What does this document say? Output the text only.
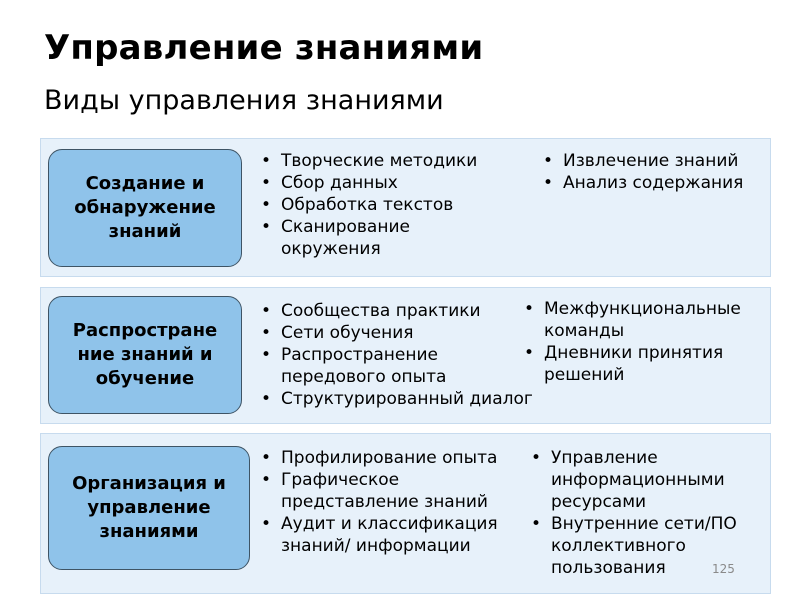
Управление знаниями
Виды управления знаниями
Создание и обнаружение знаний
• Творческие методики
• Сбор данных
• Обработка текстов
• Сканирование окружения
• Извлечение знаний
• Анализ содержания
Распростране ние знаний и обучение
• Сообщества практики
• Сети обучения
• Распространение передового опыта
• Структурированный диалог
• Межфункциональные команды
• Дневники принятия решений
Организация и управление знаниями
• Профилирование опыта
• Графическое представление знаний
• Аудит и классификация знаний/ информации
• Управление информационными ресурсами
• Внутренние сети/ПО коллективного пользования	125
